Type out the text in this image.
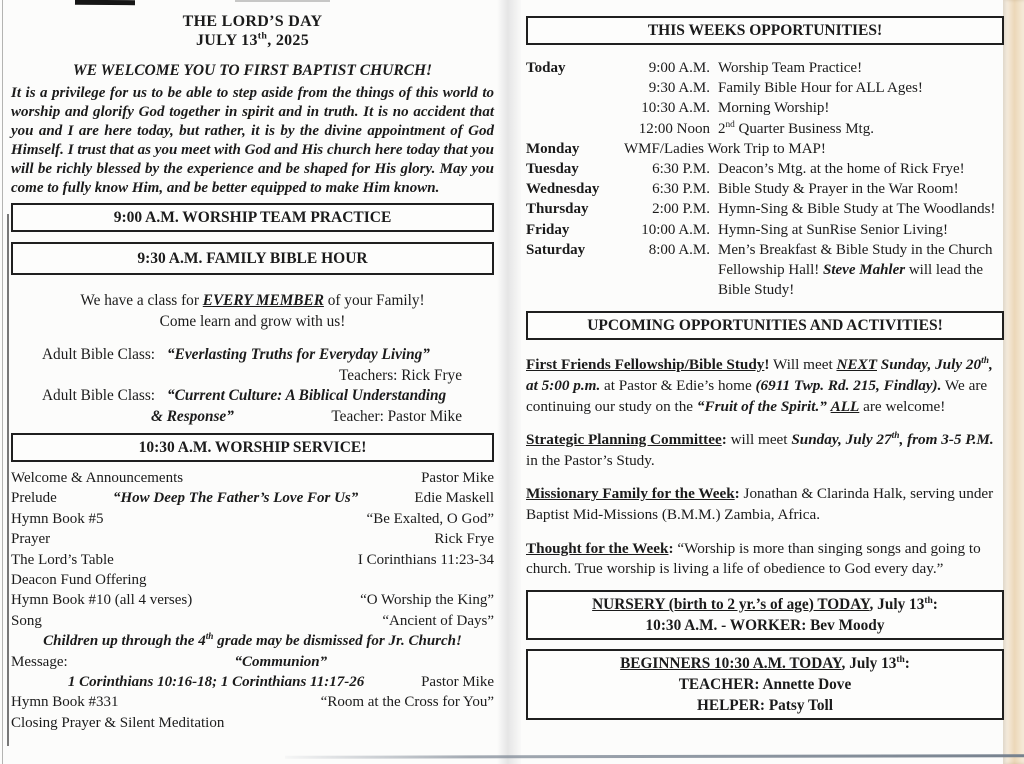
THE LORD’S DAY
JULY 13th, 2025
WE WELCOME YOU TO FIRST BAPTIST CHURCH!
It is a privilege for us to be able to step aside from the things of this world to worship and glorify God together in spirit and in truth. It is no accident that you and I are here today, but rather, it is by the divine appointment of God Himself. I trust that as you meet with God and His church here today that you will be richly blessed by the experience and be shaped for His glory. May you come to fully know Him, and be better equipped to make Him known.
9:00 A.M. WORSHIP TEAM PRACTICE
9:30 A.M. FAMILY BIBLE HOUR
We have a class for EVERY MEMBER of your Family!
Come learn and grow with us!
Adult Bible Class: “Everlasting Truths for Everyday Living”
Teachers: Rick Frye
Adult Bible Class: “Current Culture: A Biblical Understanding
& Response”	Teacher: Pastor Mike
10:30 A.M. WORSHIP SERVICE!
Welcome & Announcements	Pastor Mike
Prelude	“How Deep The Father’s Love For Us”	Edie Maskell
Hymn Book #5	“Be Exalted, O God”
Prayer	Rick Frye
The Lord’s Table	I Corinthians 11:23-34
Deacon Fund Offering
Hymn Book #10 (all 4 verses)	“O Worship the King”
Song	“Ancient of Days”
Children up through the 4th grade may be dismissed for Jr. Church!
Message:	“Communion”
1 Corinthians 10:16-18; 1 Corinthians 11:17-26	Pastor Mike
Hymn Book #331	“Room at the Cross for You”
Closing Prayer & Silent Meditation
THIS WEEKS OPPORTUNITIES!
Today	9:00 A.M. Worship Team Practice!
9:30 A.M. Family Bible Hour for ALL Ages!
10:30 A.M. Morning Worship!
12:00 Noon 2nd Quarter Business Mtg.
Monday	WMF/Ladies Work Trip to MAP!
Tuesday	6:30 P.M. Deacon’s Mtg. at the home of Rick Frye!
Wednesday	6:30 P.M. Bible Study & Prayer in the War Room!
Thursday	2:00 P.M. Hymn-Sing & Bible Study at The Woodlands!
Friday	10:00 A.M. Hymn-Sing at SunRise Senior Living!
Saturday	8:00 A.M. Men’s Breakfast & Bible Study in the Church
Fellowship Hall! Steve Mahler will lead the
Bible Study!
UPCOMING OPPORTUNITIES AND ACTIVITIES!
First Friends Fellowship/Bible Study! Will meet NEXT Sunday, July 20th, at 5:00 p.m. at Pastor & Edie’s home (6911 Twp. Rd. 215, Findlay). We are continuing our study on the “Fruit of the Spirit.” ALL are welcome!
Strategic Planning Committee: will meet Sunday, July 27th, from 3-5 P.M. in the Pastor’s Study.
Missionary Family for the Week: Jonathan & Clarinda Halk, serving under Baptist Mid-Missions (B.M.M.) Zambia, Africa.
Thought for the Week: “Worship is more than singing songs and going to church. True worship is living a life of obedience to God every day.”
NURSERY (birth to 2 yr.’s of age) TODAY, July 13th:
10:30 A.M. - WORKER: Bev Moody
BEGINNERS 10:30 A.M. TODAY, July 13th:
TEACHER: Annette Dove
HELPER: Patsy Toll
